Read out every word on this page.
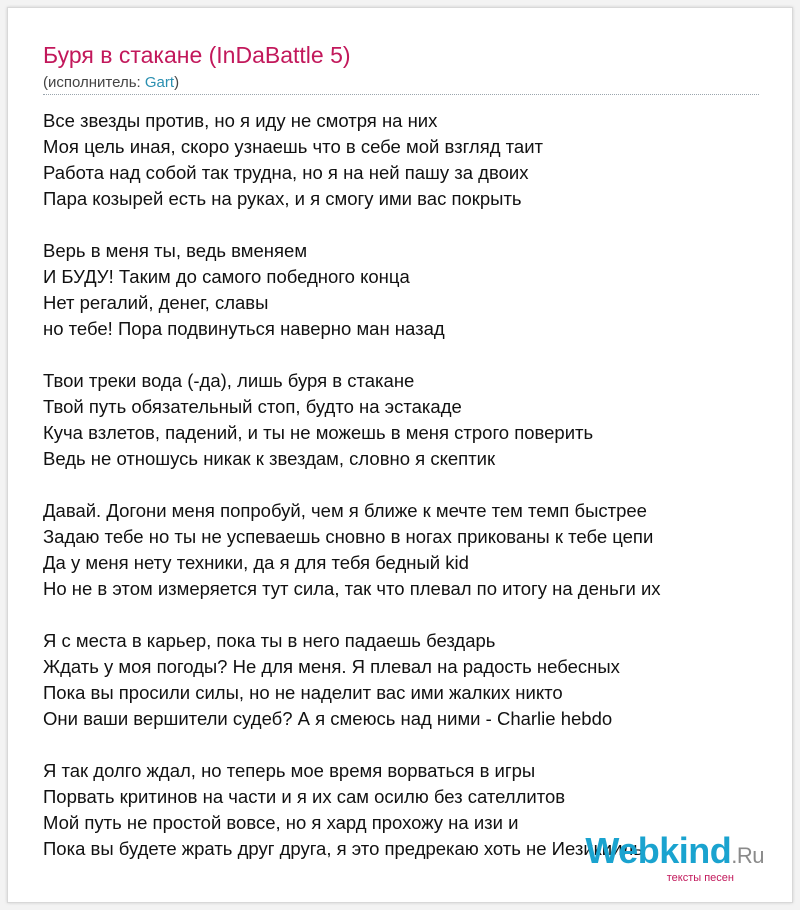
Буря в стакане (InDaBattle 5)
(исполнитель: Gart)
Все звезды против, но я иду не смотря на них
Моя цель иная, скоро узнаешь что в себе мой взгляд таит
Работа над собой так трудна, но я на ней пашу за двоих
Пара козырей есть на руках, и я смогу ими вас покрыть
Верь в меня ты, ведь вменяем
И БУДУ! Таким до самого победного конца
Нет регалий, денег, славы
но тебе! Пора подвинуться наверно ман назад
Твои треки вода (-да), лишь буря в стакане
Твой путь обязательный стоп, будто на эстакаде
Куча взлетов, падений, и ты не можешь в меня строго поверить
Ведь не отношусь никак к звездам, словно я скептик
Давай. Догони меня попробуй, чем я ближе к мечте тем темп быстрее
Задаю тебе но ты не успеваешь сновно в ногах прикованы к тебе цепи
Да у меня нету техники, да я для тебя бедный kid
Но не в этом измеряется тут сила, так что плевал по итогу на деньги их
Я с места в карьер, пока ты в него падаешь бездарь
Ждать у моя погоды? Не для меня. Я плевал на радость небесных
Пока вы просили силы, но не наделит вас ими жалких никто
Они ваши вершители судеб? А я смеюсь над ними - Charlie hebdo
Я так долго ждал, но теперь мое время ворваться в игры
Порвать критинов на части и я их сам осилю без сателлитов
Мой путь не простой вовсе, но я хард прохожу на изи и
Пока вы будете жрать друг друга, я это предрекаю хоть не Иезикииль
Webkind.Ru
тексты песен
